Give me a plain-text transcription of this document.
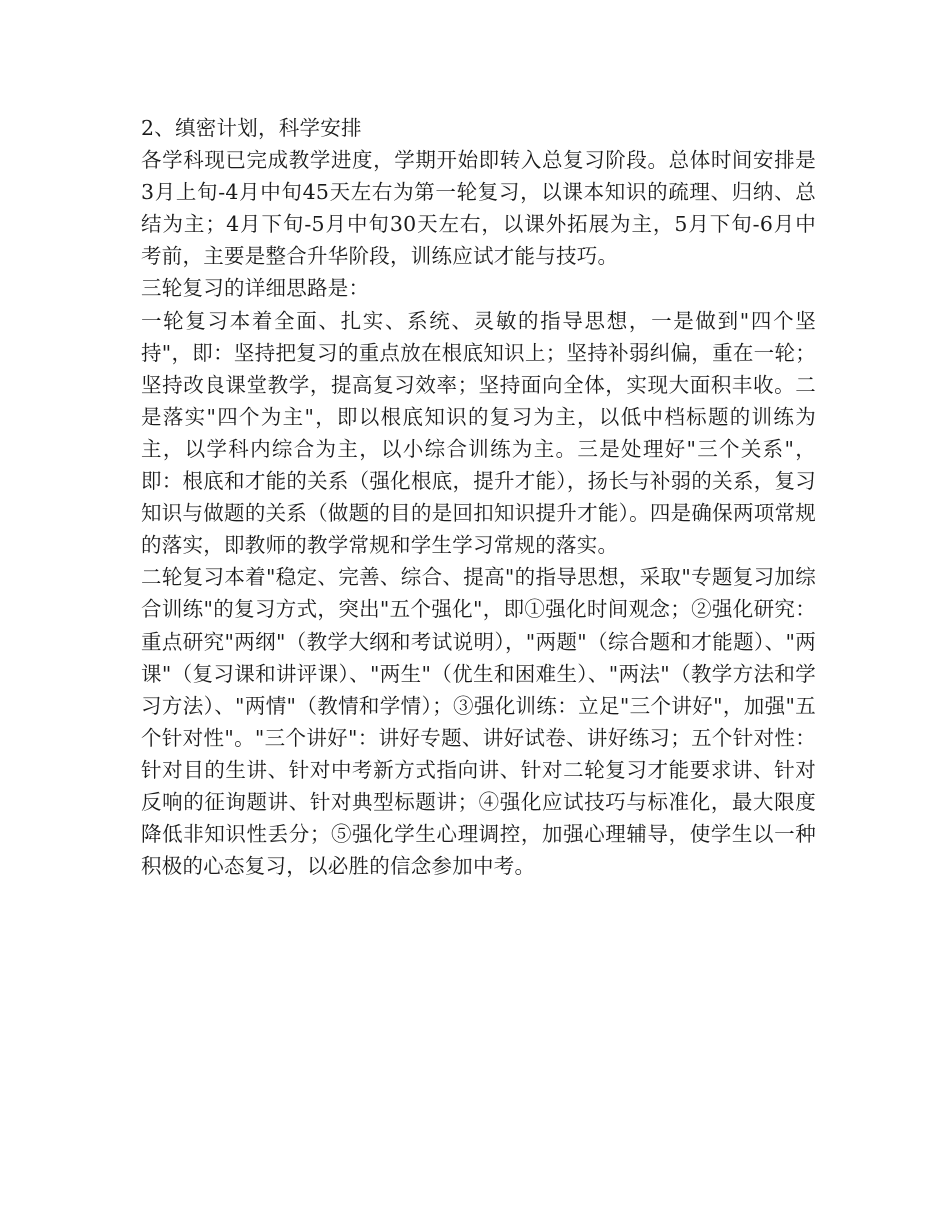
2、缜密计划，科学安排

各学科现已完成教学进度，学期开始即转入总复习阶段。总体时间安排是3月上旬-4月中旬45天左右为第一轮复习，以课本知识的疏理、归纳、总结为主；4月下旬-5月中旬30天左右，以课外拓展为主，5月下旬-6月中考前，主要是整合升华阶段，训练应试才能与技巧。

三轮复习的详细思路是：

一轮复习本着全面、扎实、系统、灵敏的指导思想，一是做到"四个坚持"，即：坚持把复习的重点放在根底知识上；坚持补弱纠偏，重在一轮；坚持改良课堂教学，提高复习效率；坚持面向全体，实现大面积丰收。二是落实"四个为主"，即以根底知识的复习为主，以低中档标题的训练为主，以学科内综合为主，以小综合训练为主。三是处理好"三个关系"，即：根底和才能的关系（强化根底，提升才能），扬长与补弱的关系，复习知识与做题的关系（做题的目的是回扣知识提升才能）。四是确保两项常规的落实，即教师的教学常规和学生学习常规的落实。

二轮复习本着"稳定、完善、综合、提高"的指导思想，采取"专题复习加综合训练"的复习方式，突出"五个强化"，即①强化时间观念；②强化研究：重点研究"两纲"（教学大纲和考试说明），"两题"（综合题和才能题）、"两课"（复习课和讲评课）、"两生"（优生和困难生）、"两法"（教学方法和学习方法）、"两情"（教情和学情）；③强化训练：立足"三个讲好"，加强"五个针对性"。"三个讲好"：讲好专题、讲好试卷、讲好练习；五个针对性：针对目的生讲、针对中考新方式指向讲、针对二轮复习才能要求讲、针对反响的征询题讲、针对典型标题讲；④强化应试技巧与标准化，最大限度降低非知识性丢分；⑤强化学生心理调控，加强心理辅导，使学生以一种积极的心态复习，以必胜的信念参加中考。
